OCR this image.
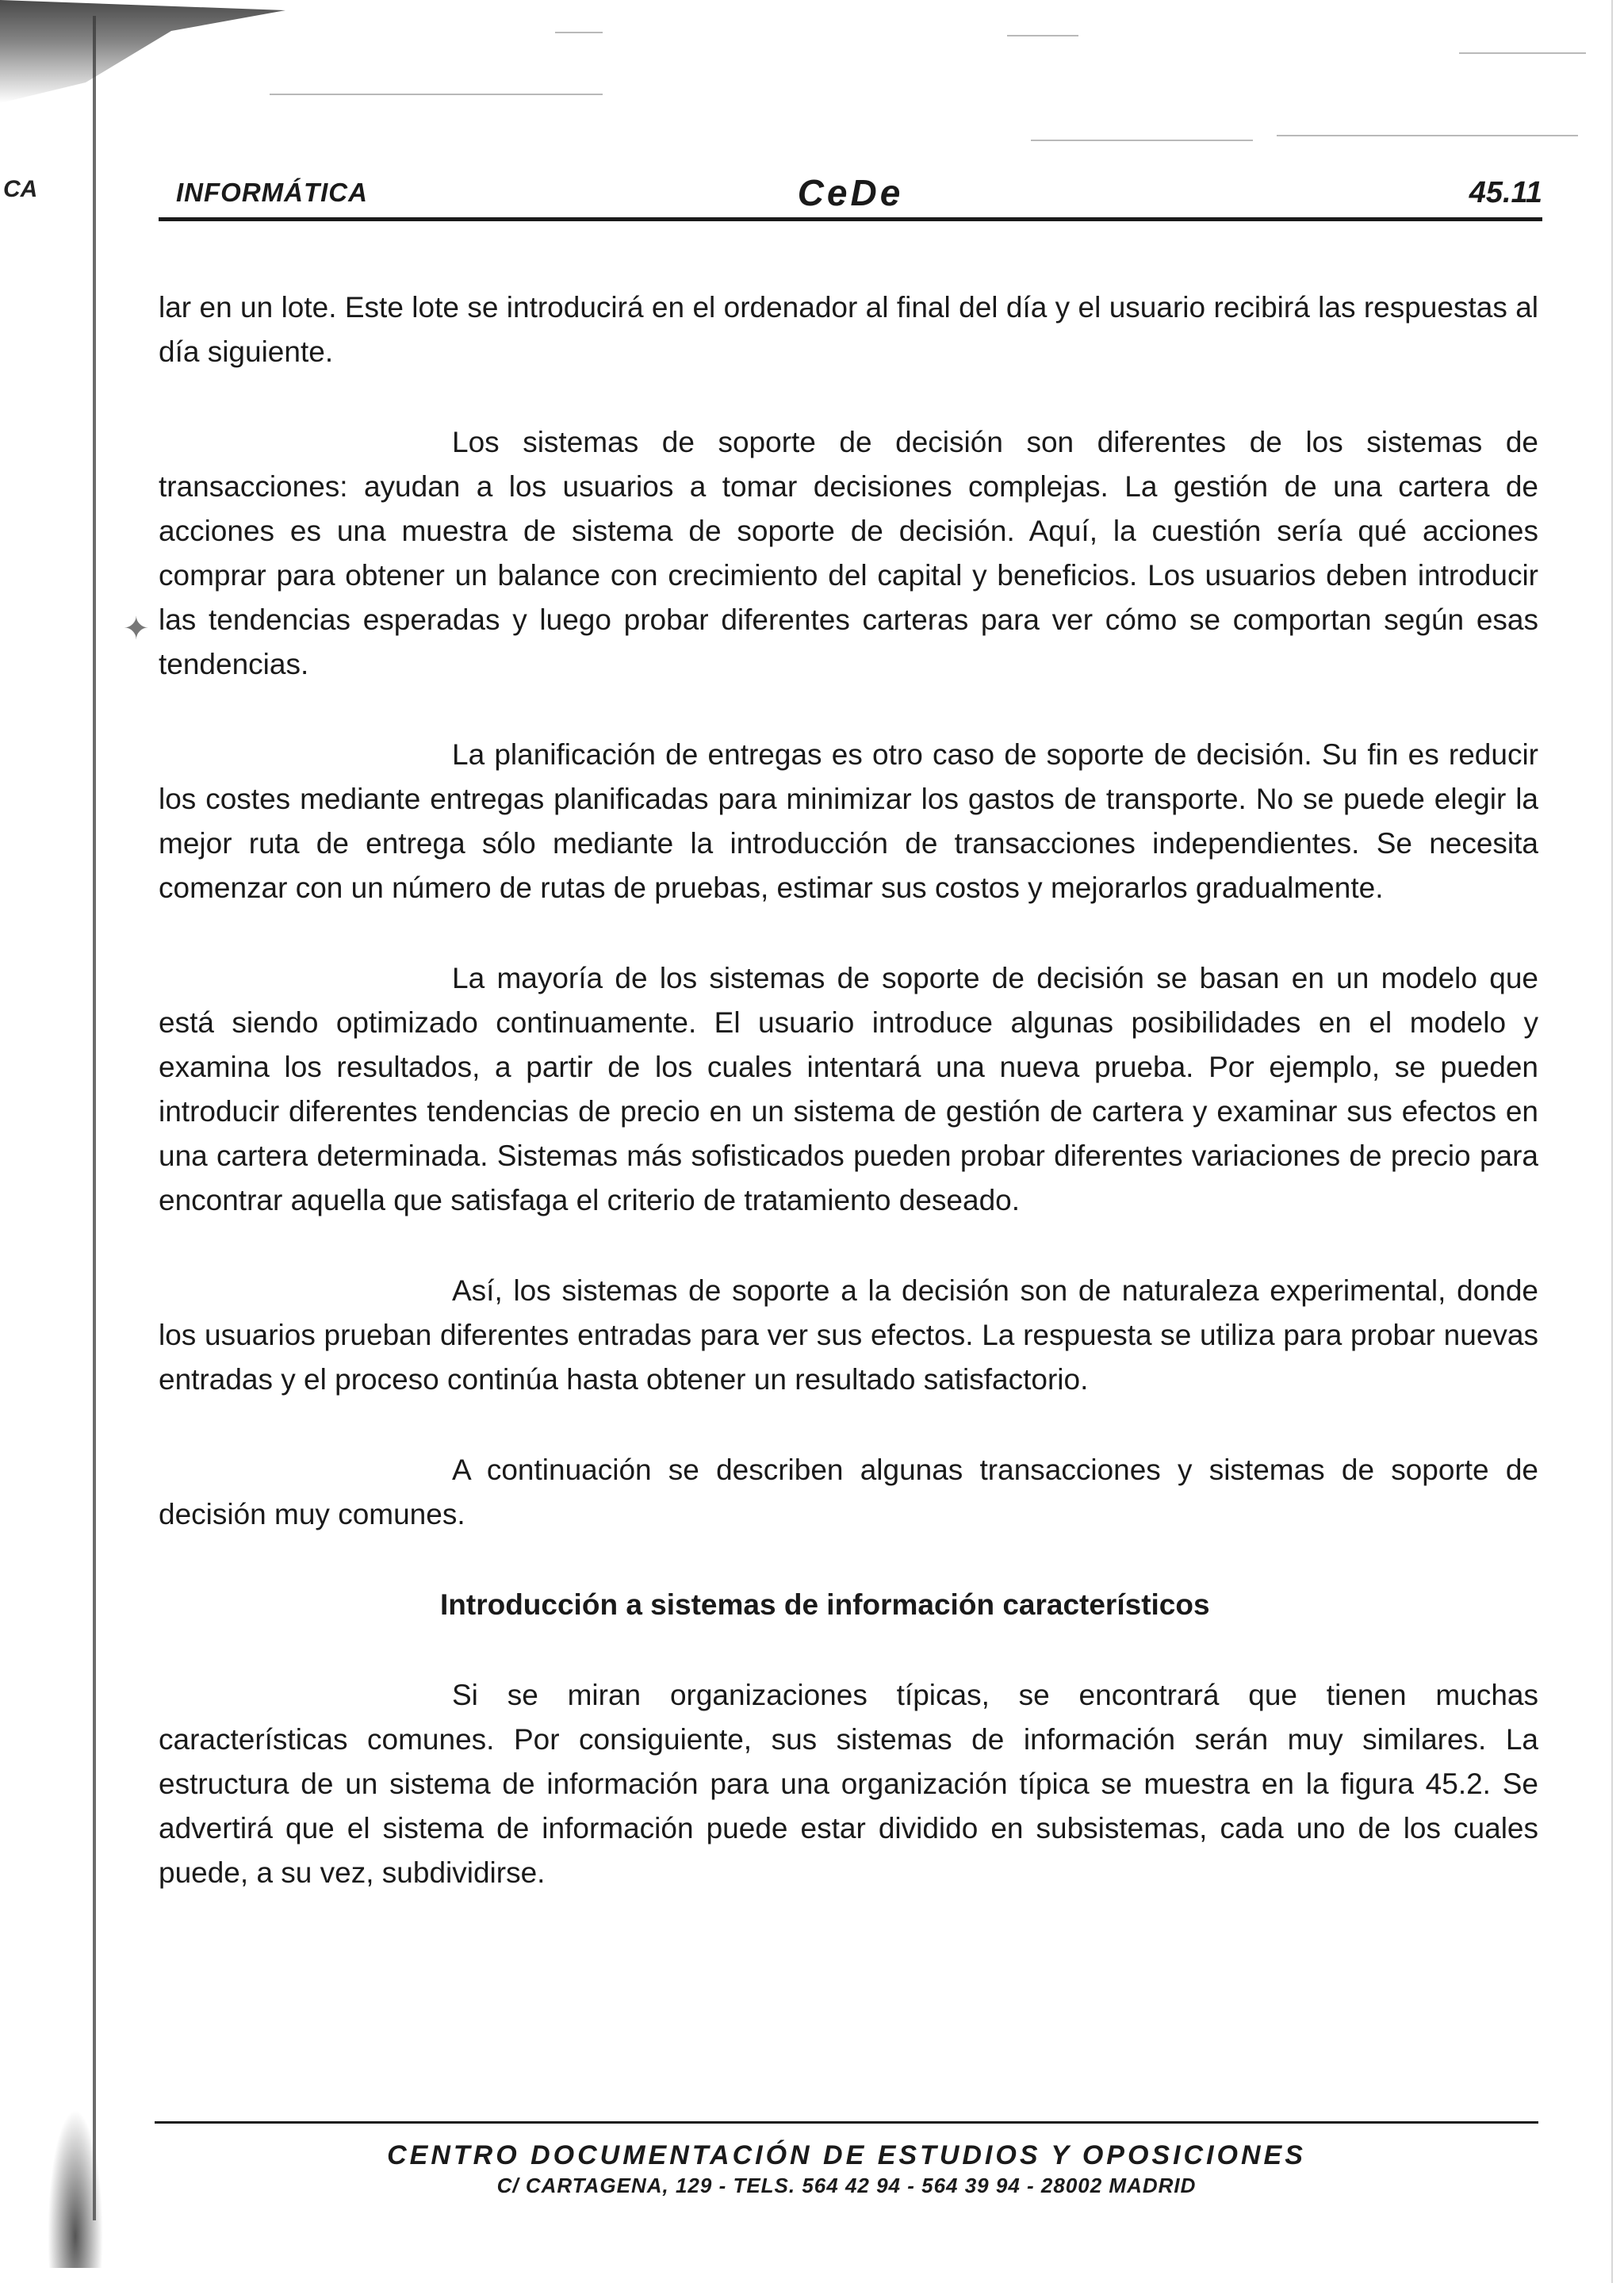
CA
✦
INFORMÁTICA	CeDe	45.11

lar en un lote. Este lote se introducirá en el ordenador al final del día y el usuario recibirá las respuestas al día siguiente.

Los sistemas de soporte de decisión son diferentes de los sistemas de transacciones: ayudan a los usuarios a tomar decisiones complejas. La gestión de una cartera de acciones es una muestra de sistema de soporte de decisión. Aquí, la cuestión sería qué acciones comprar para obtener un balance con crecimiento del capital y beneficios. Los usuarios deben introducir las tendencias esperadas y luego probar diferentes carteras para ver cómo se comportan según esas tendencias.

La planificación de entregas es otro caso de soporte de decisión. Su fin es reducir los costes mediante entregas planificadas para minimizar los gastos de transporte. No se puede elegir la mejor ruta de entrega sólo mediante la introducción de transacciones independientes. Se necesita comenzar con un número de rutas de pruebas, estimar sus costos y mejorarlos gradualmente.

La mayoría de los sistemas de soporte de decisión se basan en un modelo que está siendo optimizado continuamente. El usuario introduce algunas posibilidades en el modelo y examina los resultados, a partir de los cuales intentará una nueva prueba. Por ejemplo, se pueden introducir diferentes tendencias de precio en un sistema de gestión de cartera y examinar sus efectos en una cartera determinada. Sistemas más sofisticados pueden probar diferentes variaciones de precio para encontrar aquella que satisfaga el criterio de tratamiento deseado.

Así, los sistemas de soporte a la decisión son de naturaleza experimental, donde los usuarios prueban diferentes entradas para ver sus efectos. La respuesta se utiliza para probar nuevas entradas y el proceso continúa hasta obtener un resultado satisfactorio.

A continuación se describen algunas transacciones y sistemas de soporte de decisión muy comunes.

Introducción a sistemas de información característicos

Si se miran organizaciones típicas, se encontrará que tienen muchas características comunes. Por consiguiente, sus sistemas de información serán muy similares. La estructura de un sistema de información para una organización típica se muestra en la figura 45.2. Se advertirá que el sistema de información puede estar dividido en subsistemas, cada uno de los cuales puede, a su vez, subdividirse.

CENTRO DOCUMENTACIÓN DE ESTUDIOS Y OPOSICIONES
C/ CARTAGENA, 129 - TELS. 564 42 94 - 564 39 94 - 28002 MADRID
